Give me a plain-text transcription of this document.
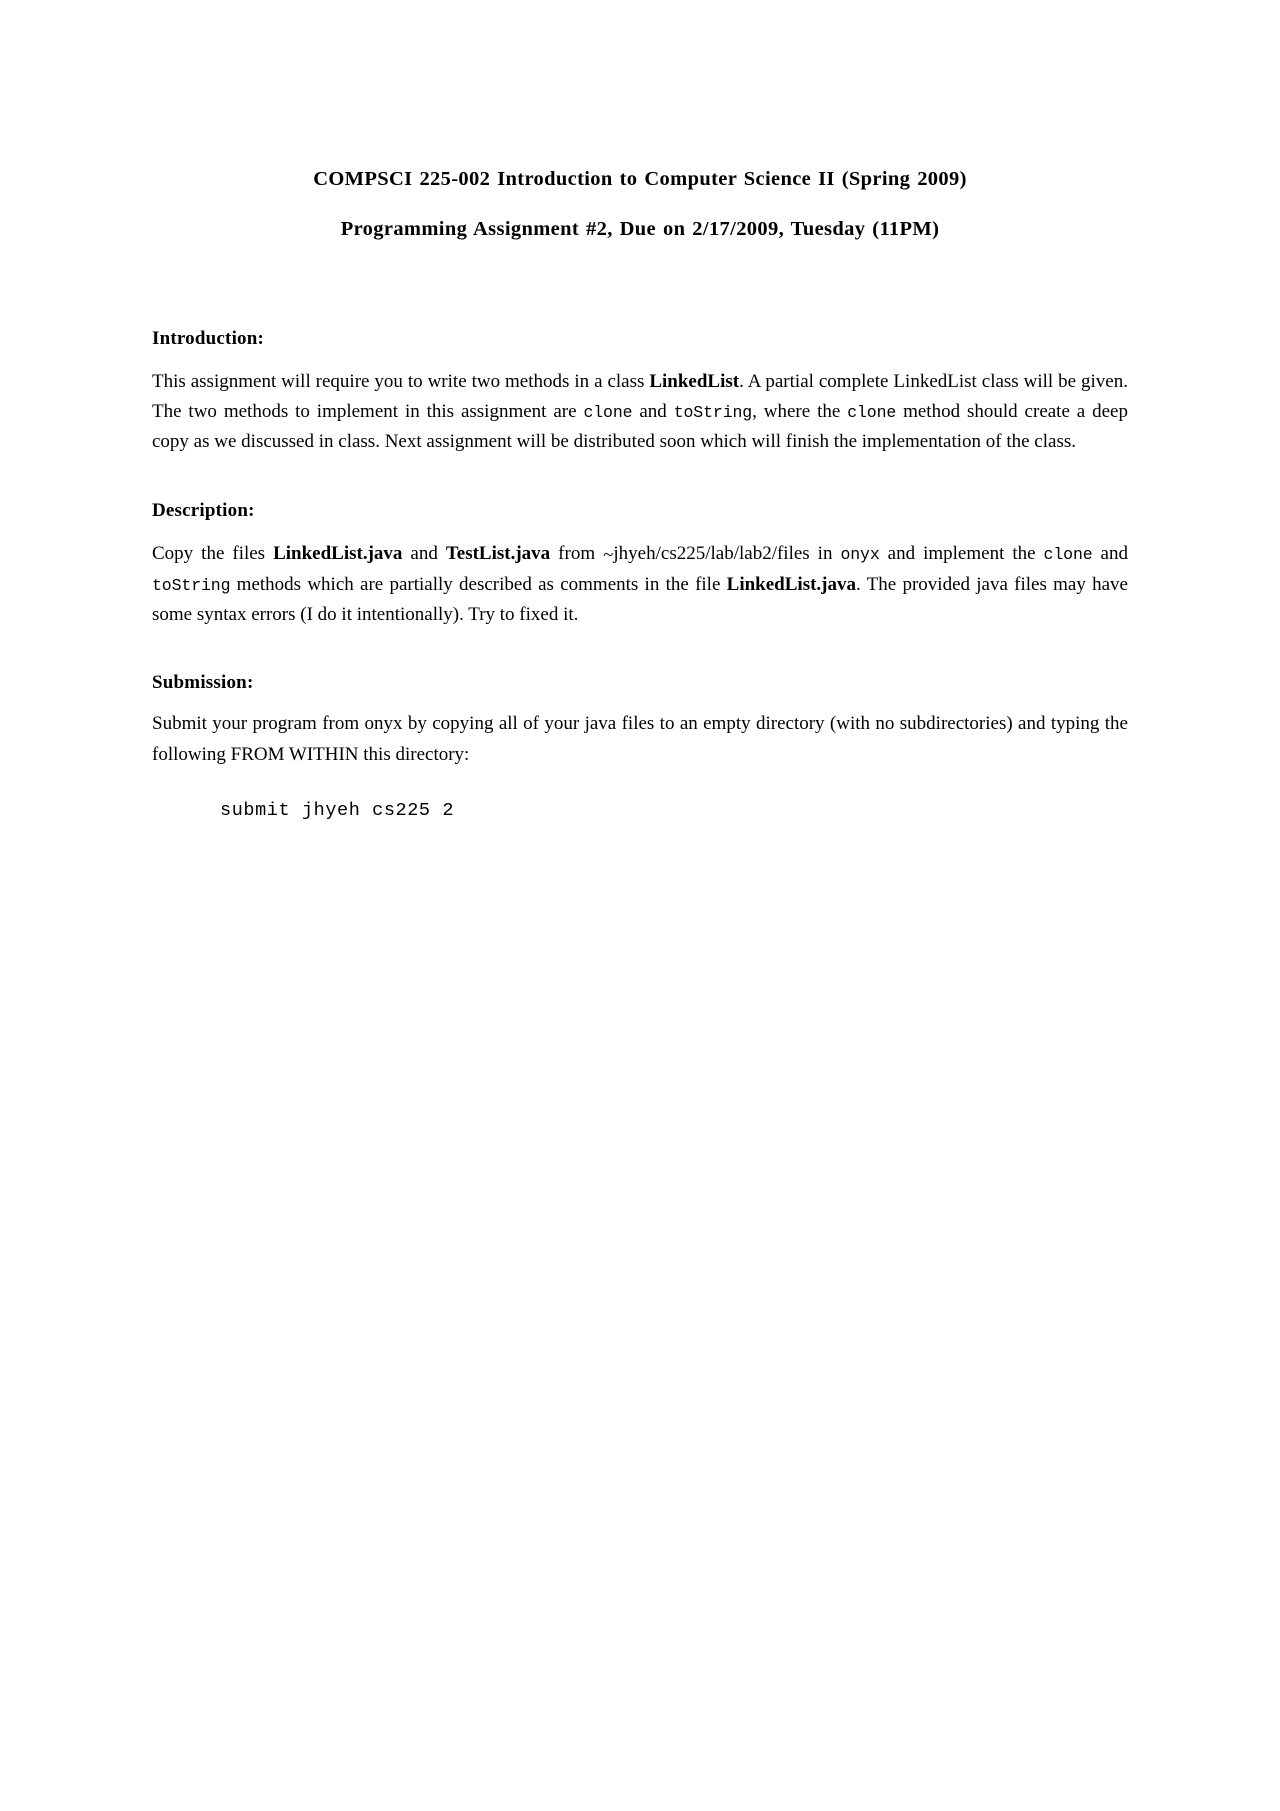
COMPSCI 225-002 Introduction to Computer Science II (Spring 2009)
Programming Assignment #2, Due on 2/17/2009, Tuesday (11PM)
Introduction:

This assignment will require you to write two methods in a class LinkedList. A partial complete LinkedList class will be given. The two methods to implement in this assignment are clone and toString, where the clone method should create a deep copy as we discussed in class. Next assignment will be distributed soon which will finish the implementation of the class.

Description:

Copy the files LinkedList.java and TestList.java from ~jhyeh/cs225/lab/lab2/files in onyx and implement the clone and toString methods which are partially described as comments in the file LinkedList.java. The provided java files may have some syntax errors (I do it intentionally). Try to fixed it.

Submission:

Submit your program from onyx by copying all of your java files to an empty directory (with no subdirectories) and typing the following FROM WITHIN this directory:

submit jhyeh cs225 2
